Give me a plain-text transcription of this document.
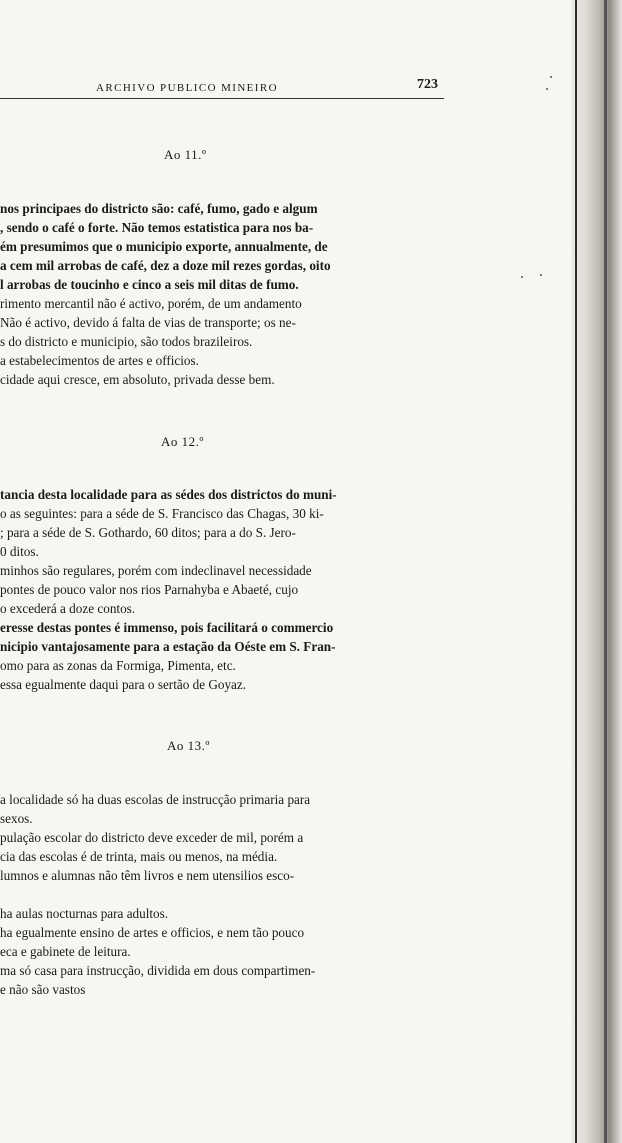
ARCHIVO PUBLICO MINEIRO	723
Ao 11.º
nos principaes do districto são: café, fumo, gado e algum
, sendo o café o forte. Não temos estatistica para nos ba-
ém presumimos que o municipio exporte, annualmente, de
a cem mil arrobas de café, dez a doze mil rezes gordas, oito
l arrobas de toucinho e cinco a seis mil ditas de fumo.
rimento mercantil não é activo, porém, de um andamento
Não é activo, devido á falta de vias de transporte; os ne-
s do districto e municipio, são todos brazileiros.
a estabelecimentos de artes e officios.
cidade aqui cresce, em absoluto, privada desse bem.
Ao 12.º
tancia desta localidade para as sédes dos districtos do muni-
o as seguintes: para a séde de S. Francisco das Chagas, 30 ki-
; para a séde de S. Gothardo, 60 ditos; para a do S. Jero-
0 ditos.
minhos são regulares, porém com indeclinavel necessidade
pontes de pouco valor nos rios Parnahyba e Abaeté, cujo
o excederá a doze contos.
eresse destas pontes é immenso, pois facilitará o commercio
nicipio vantajosamente para a estação da Oéste em S. Fran-
omo para as zonas da Formiga, Pimenta, etc.
essa egualmente daqui para o sertão de Goyaz.
Ao 13.º
a localidade só ha duas escolas de instrucção primaria para
sexos.
pulação escolar do districto deve exceder de mil, porém a
cia das escolas é de trinta, mais ou menos, na média.
lumnos e alumnas não têm livros e nem utensilios esco-
ha aulas nocturnas para adultos.
ha egualmente ensino de artes e officios, e nem tão pouco
eca e gabinete de leitura.
ma só casa para instrucção, dividida em dous compartimen-
e não são vastos
